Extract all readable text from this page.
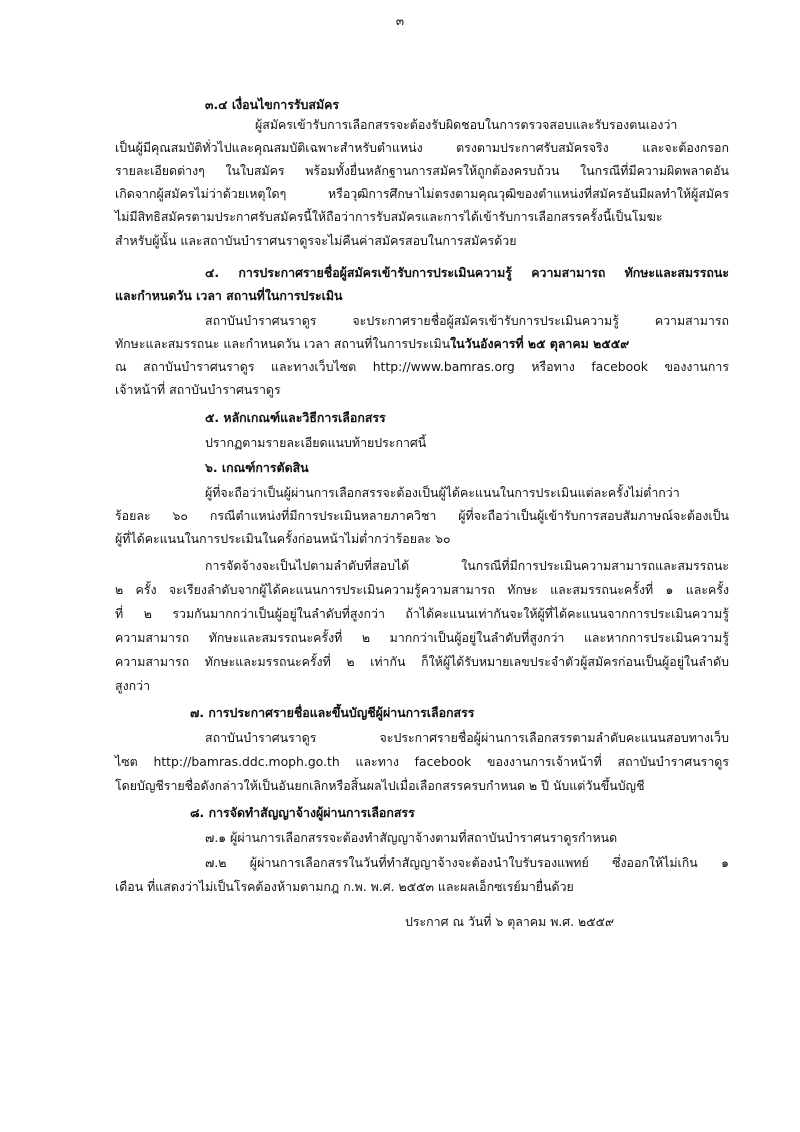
๓
๓.๔ เงื่อนไขการรับสมัคร
ผู้สมัครเข้ารับการเลือกสรรจะต้องรับผิดชอบในการตรวจสอบและรับรองตนเองว่า
เป็นผู้มีคุณสมบัติทั่วไปและคุณสมบัติเฉพาะสำหรับตำแหน่ง ตรงตามประกาศรับสมัครจริง และจะต้องกรอก
รายละเอียดต่างๆ ในใบสมัคร พร้อมทั้งยื่นหลักฐานการสมัครให้ถูกต้องครบถ้วน ในกรณีที่มีความผิดพลาดอัน
เกิดจากผู้สมัครไม่ว่าด้วยเหตุใดๆ หรือวุฒิการศึกษาไม่ตรงตามคุณวุฒิของตำแหน่งที่สมัครอันมีผลทำให้ผู้สมัคร
ไม่มีสิทธิสมัครตามประกาศรับสมัครนี้ให้ถือว่าการรับสมัครและการได้เข้ารับการเลือกสรรครั้งนี้เป็นโมฆะ
สำหรับผู้นั้น และสถาบันบำราศนราดูรจะไม่คืนค่าสมัครสอบในการสมัครด้วย
๔. การประกาศรายชื่อผู้สมัครเข้ารับการประเมินความรู้ ความสามารถ ทักษะและสมรรถนะ
และกำหนดวัน เวลา สถานที่ในการประเมิน
สถาบันบำราศนราดูร จะประกาศรายชื่อผู้สมัครเข้ารับการประเมินความรู้ ความสามารถ
ทักษะและสมรรถนะ และกำหนดวัน เวลา สถานที่ในการประเมินในวันอังคารที่ ๒๕ ตุลาคม ๒๕๕๙
ณ สถาบันบำราศนราดูร และทางเว็บไซต http://www.bamras.org หรือทาง facebook ของงานการ
เจ้าหน้าที่ สถาบันบำราศนราดูร
๕. หลักเกณฑ์และวิธีการเลือกสรร
ปรากฏตามรายละเอียดแนบท้ายประกาศนี้
๖. เกณฑ์การตัดสิน
ผู้ที่จะถือว่าเป็นผู้ผ่านการเลือกสรรจะต้องเป็นผู้ได้คะแนนในการประเมินแต่ละครั้งไม่ต่ำกว่า
ร้อยละ ๖๐ กรณีตำแหน่งที่มีการประเมินหลายภาควิชา ผู้ที่จะถือว่าเป็นผู้เข้ารับการสอบสัมภาษณ์จะต้องเป็น
ผู้ที่ได้คะแนนในการประเมินในครั้งก่อนหน้าไม่ต่ำกว่าร้อยละ ๖๐
การจัดจ้างจะเป็นไปตามลำดับที่สอบได้ ในกรณีที่มีการประเมินความสามารถและสมรรถนะ
๒ ครั้ง จะเรียงลำดับจากผู้ได้คะแนนการประเมินความรู้ความสามารถ ทักษะ และสมรรถนะครั้งที่ ๑ และครั้ง
ที่ ๒ รวมกันมากกว่าเป็นผู้อยู่ในลำดับที่สูงกว่า ถ้าได้คะแนนเท่ากันจะให้ผู้ที่ได้คะแนนจากการประเมินความรู้
ความสามารถ ทักษะและสมรรถนะครั้งที่ ๒ มากกว่าเป็นผู้อยู่ในลำดับที่สูงกว่า และหากการประเมินความรู้
ความสามารถ ทักษะและมรรถนะครั้งที่ ๒ เท่ากัน ก็ให้ผู้ได้รับหมายเลขประจำตัวผู้สมัครก่อนเป็นผู้อยู่ในลำดับ
สูงกว่า
๗. การประกาศรายชื่อและขึ้นบัญชีผู้ผ่านการเลือกสรร
สถาบันบำราศนราดูร จะประกาศรายชื่อผู้ผ่านการเลือกสรรตามลำดับคะแนนสอบทางเว็บ
ไซต http://bamras.ddc.moph.go.th และทาง facebook ของงานการเจ้าหน้าที่ สถาบันบำราศนราดูร
โดยบัญชีรายชื่อดังกล่าวให้เป็นอันยกเลิกหรือสิ้นผลไปเมื่อเลือกสรรครบกำหนด ๒ ปี นับแต่วันขึ้นบัญชี
๘. การจัดทำสัญญาจ้างผู้ผ่านการเลือกสรร
๗.๑ ผู้ผ่านการเลือกสรรจะต้องทำสัญญาจ้างตามที่สถาบันบำราศนราดูรกำหนด
๗.๒ ผู้ผ่านการเลือกสรรในวันที่ทำสัญญาจ้างจะต้องนำใบรับรองแพทย์ ซึ่งออกให้ไม่เกิน ๑
เดือน ที่แสดงว่าไม่เป็นโรคต้องห้ามตามกฎ ก.พ. พ.ศ. ๒๕๕๓ และผลเอ็กซเรย์มายื่นด้วย
ประกาศ ณ วันที่ ๖ ตุลาคม พ.ศ. ๒๕๕๙
